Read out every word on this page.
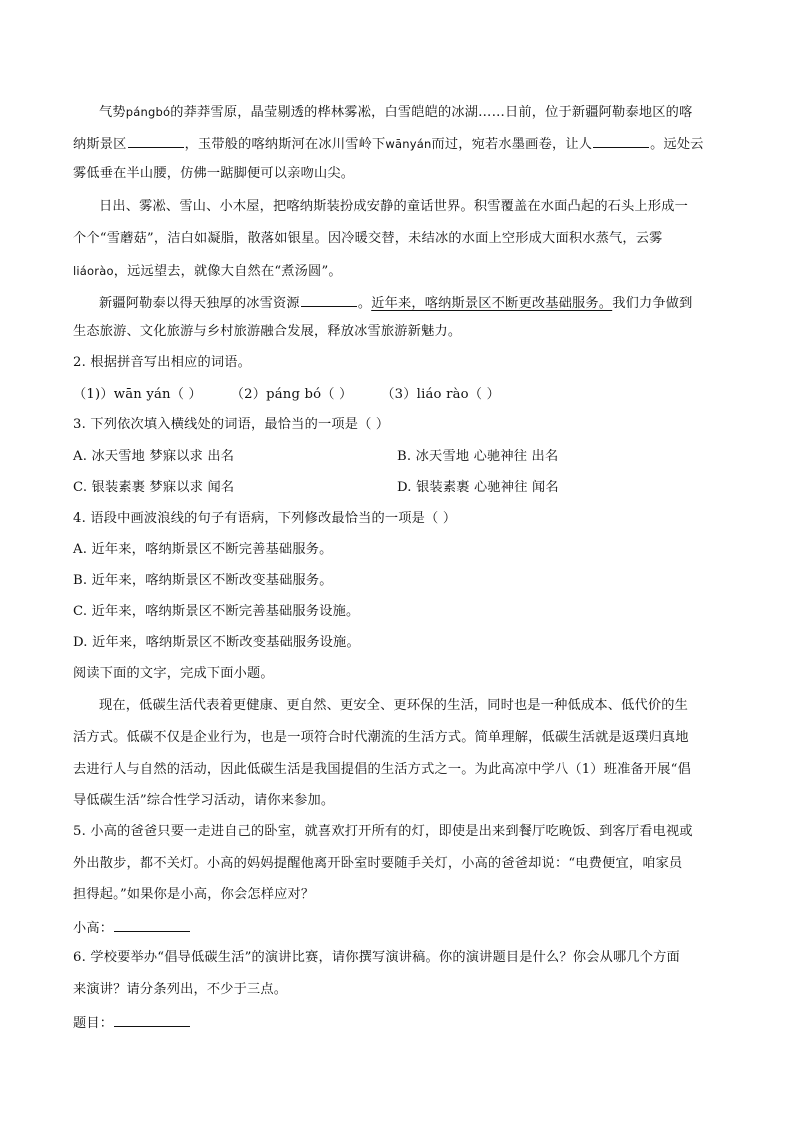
气势pángbó的莽莽雪原，晶莹剔透的桦林雾凇，白雪皑皑的冰湖……日前，位于新疆阿勒泰地区的喀
纳斯景区	，玉带般的喀纳斯河在冰川雪岭下wānyán而过，宛若水墨画卷，让人	。远处云
雾低垂在半山腰，仿佛一踮脚便可以亲吻山尖。
日出、雾凇、雪山、小木屋，把喀纳斯装扮成安静的童话世界。积雪覆盖在水面凸起的石头上形成一
个个“雪蘑菇”，洁白如凝脂，散落如银星。因冷暖交替，未结冰的水面上空形成大面积水蒸气，云雾
liáorào，远远望去，就像大自然在“煮汤圆”。
新疆阿勒泰以得天独厚的冰雪资源	。近年来，喀纳斯景区不断更改基础服务。我们力争做到
生态旅游、文化旅游与乡村旅游融合发展，释放冰雪旅游新魅力。
2. 根据拼音写出相应的词语。
（1)）wān yán（ ） （2）páng bó（ ） （3）liáo rào（ ）
3. 下列依次填入横线处的词语，最恰当的一项是（ ）
A. 冰天雪地 梦寐以求 出名	B. 冰天雪地 心驰神往 出名
C. 银装素裹 梦寐以求 闻名	D. 银装素裹 心驰神往 闻名
4. 语段中画波浪线的句子有语病，下列修改最恰当的一项是（ ）
A. 近年来，喀纳斯景区不断完善基础服务。
B. 近年来，喀纳斯景区不断改变基础服务。
C. 近年来，喀纳斯景区不断完善基础服务设施。
D. 近年来，喀纳斯景区不断改变基础服务设施。
阅读下面的文字，完成下面小题。
现在，低碳生活代表着更健康、更自然、更安全、更环保的生活，同时也是一种低成本、低代价的生
活方式。低碳不仅是企业行为，也是一项符合时代潮流的生活方式。简单理解，低碳生活就是返璞归真地
去进行人与自然的活动，因此低碳生活是我国提倡的生活方式之一。为此高凉中学八（1）班准备开展“倡
导低碳生活”综合性学习活动，请你来参加。
5. 小高的爸爸只要一走进自己的卧室，就喜欢打开所有的灯，即使是出来到餐厅吃晚饭、到客厅看电视或
外出散步，都不关灯。小高的妈妈提醒他离开卧室时要随手关灯，小高的爸爸却说：“电费便宜，咱家员
担得起。”如果你是小高，你会怎样应对？
小高：
6. 学校要举办“倡导低碳生活”的演讲比赛，请你撰写演讲稿。你的演讲题目是什么？你会从哪几个方面
来演讲？请分条列出，不少于三点。
题目：
